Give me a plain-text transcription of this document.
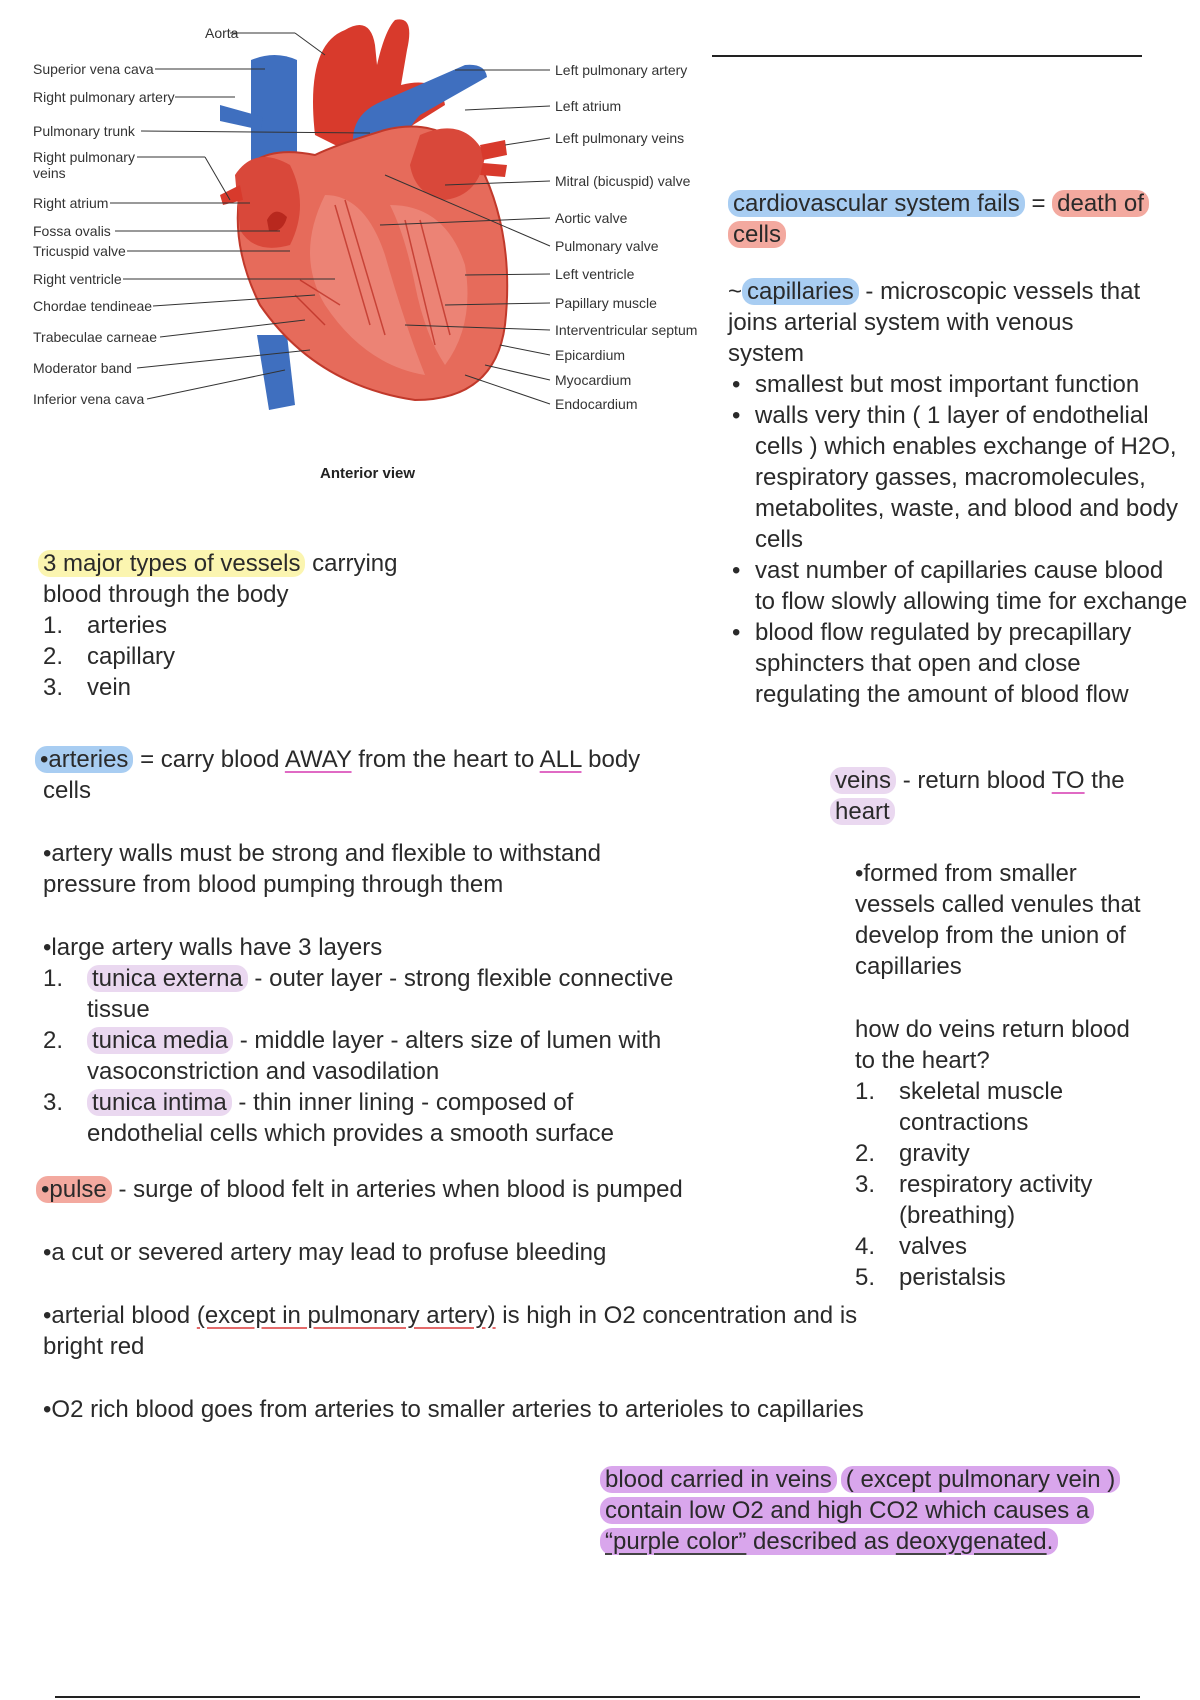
Aorta
Superior vena cava
Right pulmonary artery
Pulmonary trunk
Right pulmonary veins
Right atrium
Fossa ovalis
Tricuspid valve
Right ventricle
Chordae tendineae
Trabeculae carneae
Moderator band
Inferior vena cava
Left pulmonary artery
Left atrium
Left pulmonary veins
Mitral (bicuspid) valve
Aortic valve
Pulmonary valve
Left ventricle
Papillary muscle
Interventricular septum
Epicardium
Myocardium
Endocardium
Anterior view
cardiovascular system fails = death of
cells
~ capillaries - microscopic vessels that
joins arterial system with venous
system
• smallest but most important function
• walls very thin ( 1 layer of endothelial cells ) which enables exchange of H2O, respiratory gasses, macromolecules, metabolites, waste, and blood and body cells
• vast number of capillaries cause blood to flow slowly allowing time for exchange
• blood flow regulated by precapillary sphincters that open and close regulating the amount of blood flow
veins - return blood TO the
heart
•formed from smaller
vessels called venules that
develop from the union of
capillaries
how do veins return blood
to the heart?
1. skeletal muscle
contractions
2. gravity
3. respiratory activity
(breathing)
4. valves
5. peristalsis
3 major types of vessels carrying
blood through the body
1. arteries
2. capillary
3. vein
•arteries = carry blood AWAY from the heart to ALL body
cells
•artery walls must be strong and flexible to withstand
pressure from blood pumping through them
•large artery walls have 3 layers
1. tunica externa - outer layer - strong flexible connective
tissue
2. tunica media - middle layer - alters size of lumen with
vasoconstriction and vasodilation
3. tunica intima - thin inner lining - composed of
endothelial cells which provides a smooth surface
•pulse - surge of blood felt in arteries when blood is pumped
•a cut or severed artery may lead to profuse bleeding
•arterial blood (except in pulmonary artery) is high in O2 concentration and is
bright red
•O2 rich blood goes from arteries to smaller arteries to arterioles to capillaries
blood carried in veins ( except pulmonary vein )
contain low O2 and high CO2 which causes a
“purple color” described as deoxygenated.
